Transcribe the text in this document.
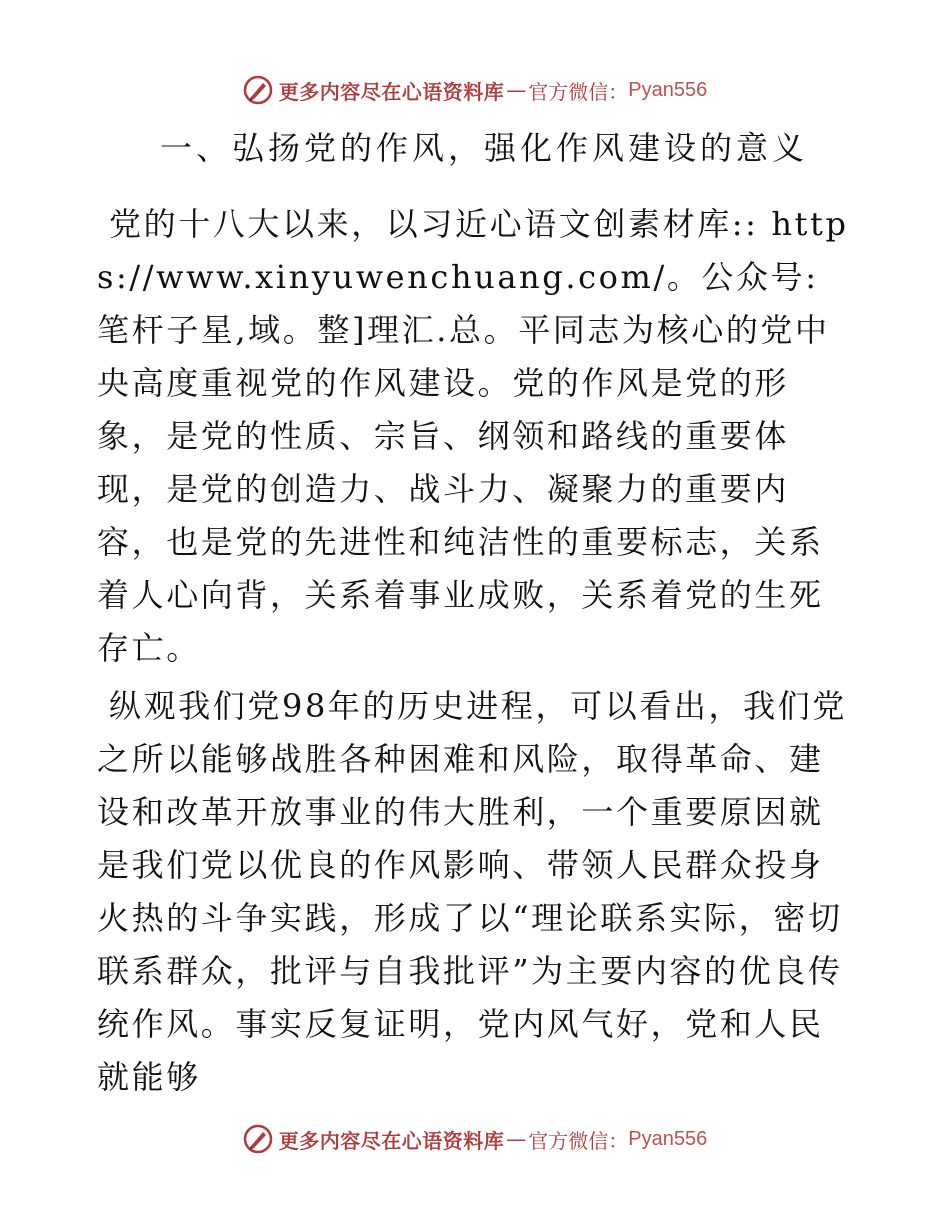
更多内容尽在心语资料库 — 官方微信： Pyan556
一、弘扬党的作风，强化作风建设的意义

党的十八大以来，以习近心语文创素材库:: https://www.xinyuwenchuang.com/。公众号: 笔杆子星,域。整]理汇.总。平同志为核心的党中央高度重视党的作风建设。党的作风是党的形象，是党的性质、宗旨、纲领和路线的重要体现，是党的创造力、战斗力、凝聚力的重要内容，也是党的先进性和纯洁性的重要标志，关系着人心向背，关系着事业成败，关系着党的生死存亡。

纵观我们党98年的历史进程，可以看出，我们党之所以能够战胜各种困难和风险，取得革命、建设和改革开放事业的伟大胜利，一个重要原因就是我们党以优良的作风影响、带领人民群众投身火热的斗争实践，形成了以“理论联系实际，密切联系群众，批评与自我批评”为主要内容的优良传统作风。事实反复证明，党内风气好，党和人民就能够

更多内容尽在心语资料库 — 官方微信： Pyan556
